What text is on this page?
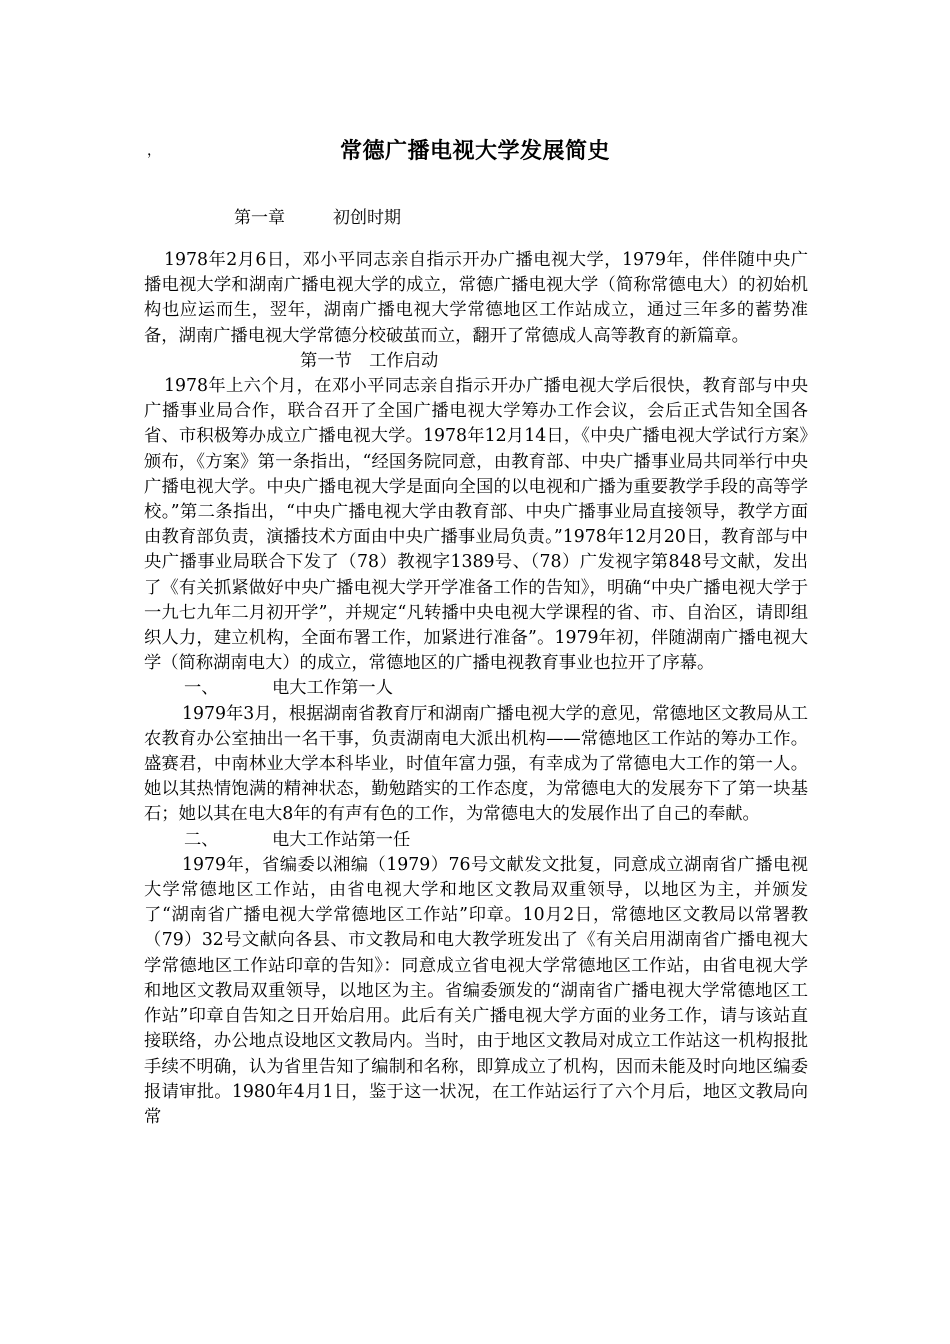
，	常德广播电视大学发展简史
第一章	初创时期

1978年2月6日，邓小平同志亲自指示开办广播电视大学，1979年，伴伴随中央广播电视大学和湖南广播电视大学的成立，常德广播电视大学（简称常德电大）的初始机构也应运而生，翌年，湖南广播电视大学常德地区工作站成立，通过三年多的蓄势准备，湖南广播电视大学常德分校破茧而立，翻开了常德成人高等教育的新篇章。

第一节　工作启动

1978年上六个月，在邓小平同志亲自指示开办广播电视大学后很快，教育部与中央广播事业局合作，联合召开了全国广播电视大学筹办工作会议，会后正式告知全国各省、市积极筹办成立广播电视大学。1978年12月14日，《中央广播电视大学试行方案》颁布，《方案》第一条指出，“经国务院同意，由教育部、中央广播事业局共同举行中央广播电视大学。中央广播电视大学是面向全国的以电视和广播为重要教学手段的高等学校。”第二条指出，“中央广播电视大学由教育部、中央广播事业局直接领导，教学方面由教育部负责，演播技术方面由中央广播事业局负责。”1978年12月20日，教育部与中央广播事业局联合下发了（78）教视字1389号、（78）广发视字第848号文献，发出了《有关抓紧做好中央广播电视大学开学准备工作的告知》，明确“中央广播电视大学于一九七九年二月初开学”，并规定“凡转播中央电视大学课程的省、市、自治区，请即组织人力，建立机构，全面布署工作，加紧进行准备”。1979年初，伴随湖南广播电视大学（简称湖南电大）的成立，常德地区的广播电视教育事业也拉开了序幕。

一、	电大工作第一人

1979年3月，根据湖南省教育厅和湖南广播电视大学的意见，常德地区文教局从工农教育办公室抽出一名干事，负责湖南电大派出机构——常德地区工作站的筹办工作。盛赛君，中南林业大学本科毕业，时值年富力强，有幸成为了常德电大工作的第一人。她以其热情饱满的精神状态，勤勉踏实的工作态度，为常德电大的发展夯下了第一块基石；她以其在电大8年的有声有色的工作，为常德电大的发展作出了自己的奉献。

二、	电大工作站第一任

1979年，省编委以湘编（1979）76号文献发文批复，同意成立湖南省广播电视大学常德地区工作站，由省电视大学和地区文教局双重领导，以地区为主，并颁发了“湖南省广播电视大学常德地区工作站”印章。10月2日，常德地区文教局以常署教（79）32号文献向各县、市文教局和电大教学班发出了《有关启用湖南省广播电视大学常德地区工作站印章的告知》：同意成立省电视大学常德地区工作站，由省电视大学和地区文教局双重领导，以地区为主。省编委颁发的“湖南省广播电视大学常德地区工作站”印章自告知之日开始启用。此后有关广播电视大学方面的业务工作，请与该站直接联络，办公地点设地区文教局内。当时，由于地区文教局对成立工作站这一机构报批手续不明确，认为省里告知了编制和名称，即算成立了机构，因而未能及时向地区编委报请审批。1980年4月1日，鉴于这一状况，在工作站运行了六个月后，地区文教局向常
